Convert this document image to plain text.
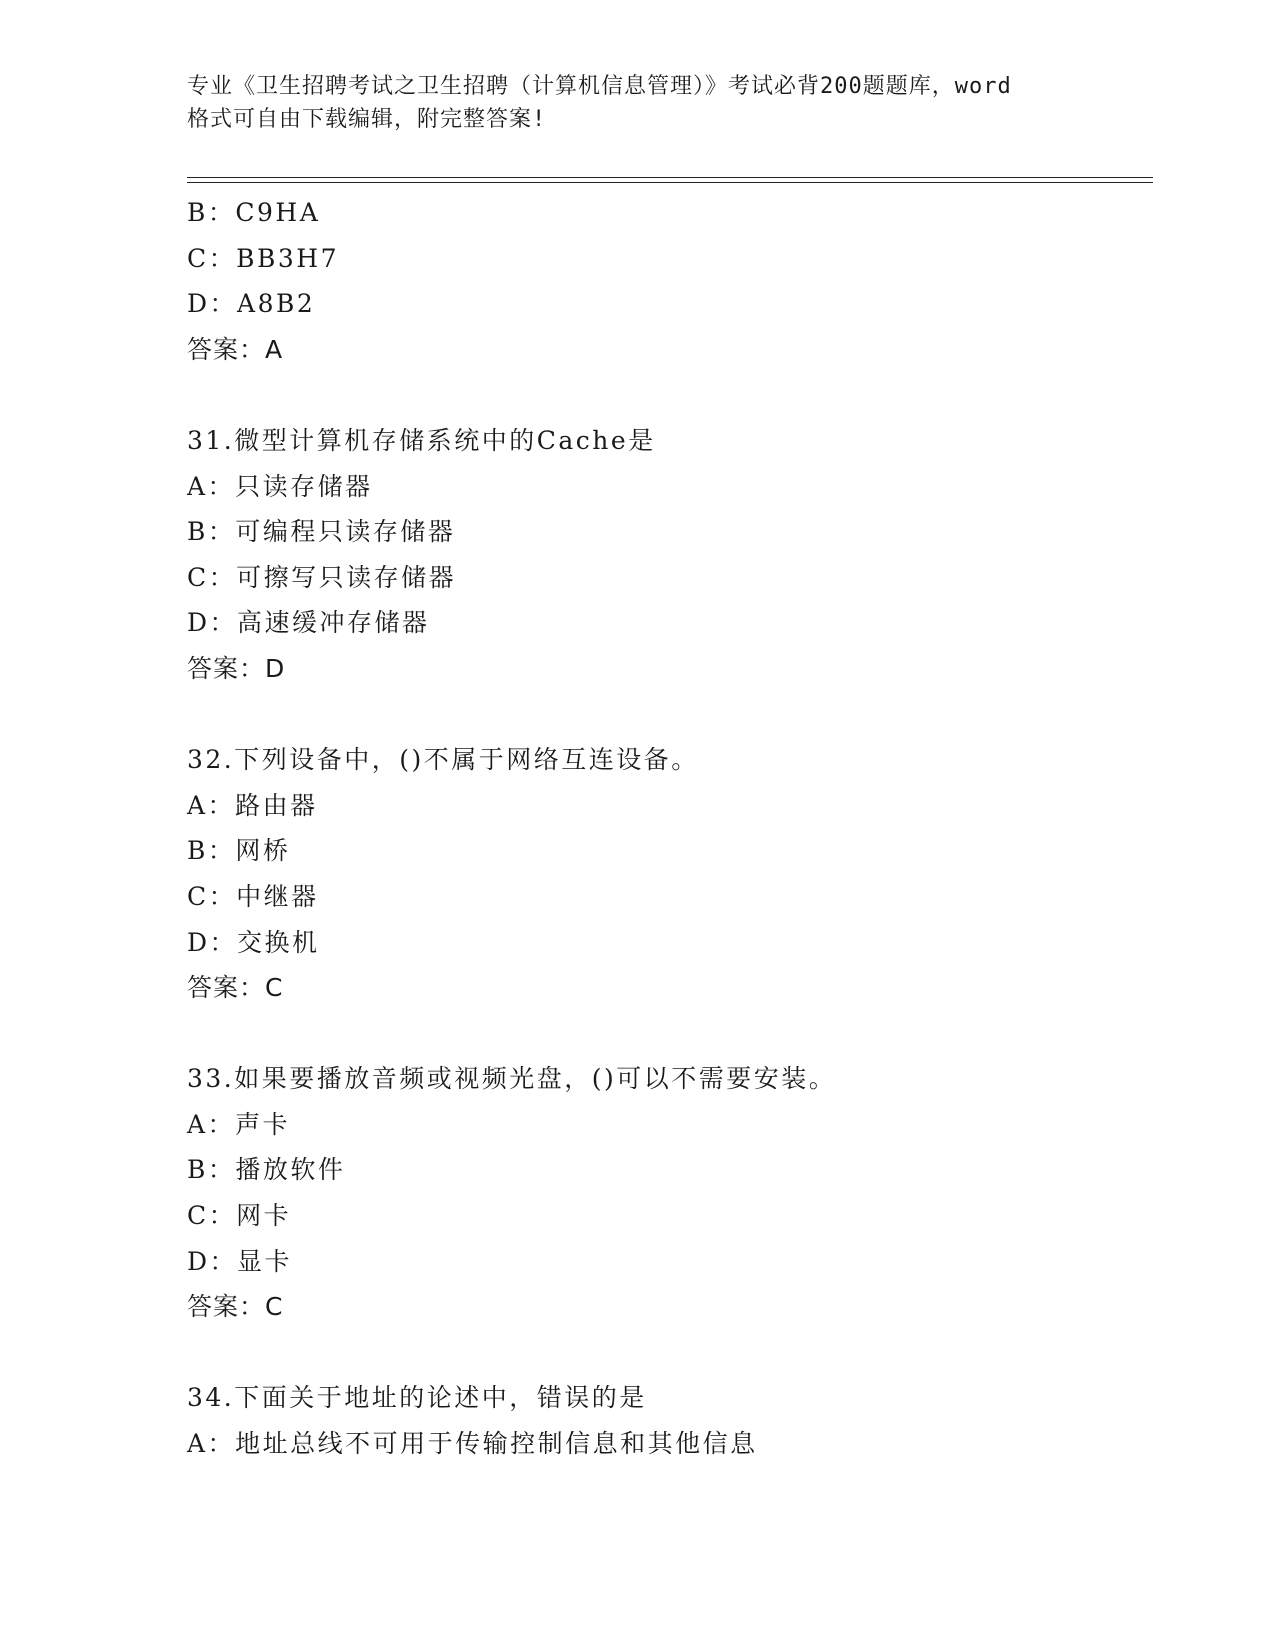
专业《卫生招聘考试之卫生招聘（计算机信息管理）》考试必背200题题库，word
格式可自由下载编辑，附完整答案!
B：C9HA
C：BB3H7
D：A8B2
答案：A
31.微型计算机存储系统中的Cache是
A：只读存储器
B：可编程只读存储器
C：可擦写只读存储器
D：高速缓冲存储器
答案：D
32.下列设备中，()不属于网络互连设备。
A：路由器
B：网桥
C：中继器
D：交换机
答案：C
33.如果要播放音频或视频光盘，()可以不需要安装。
A：声卡
B：播放软件
C：网卡
D：显卡
答案：C
34.下面关于地址的论述中，错误的是
A：地址总线不可用于传输控制信息和其他信息
